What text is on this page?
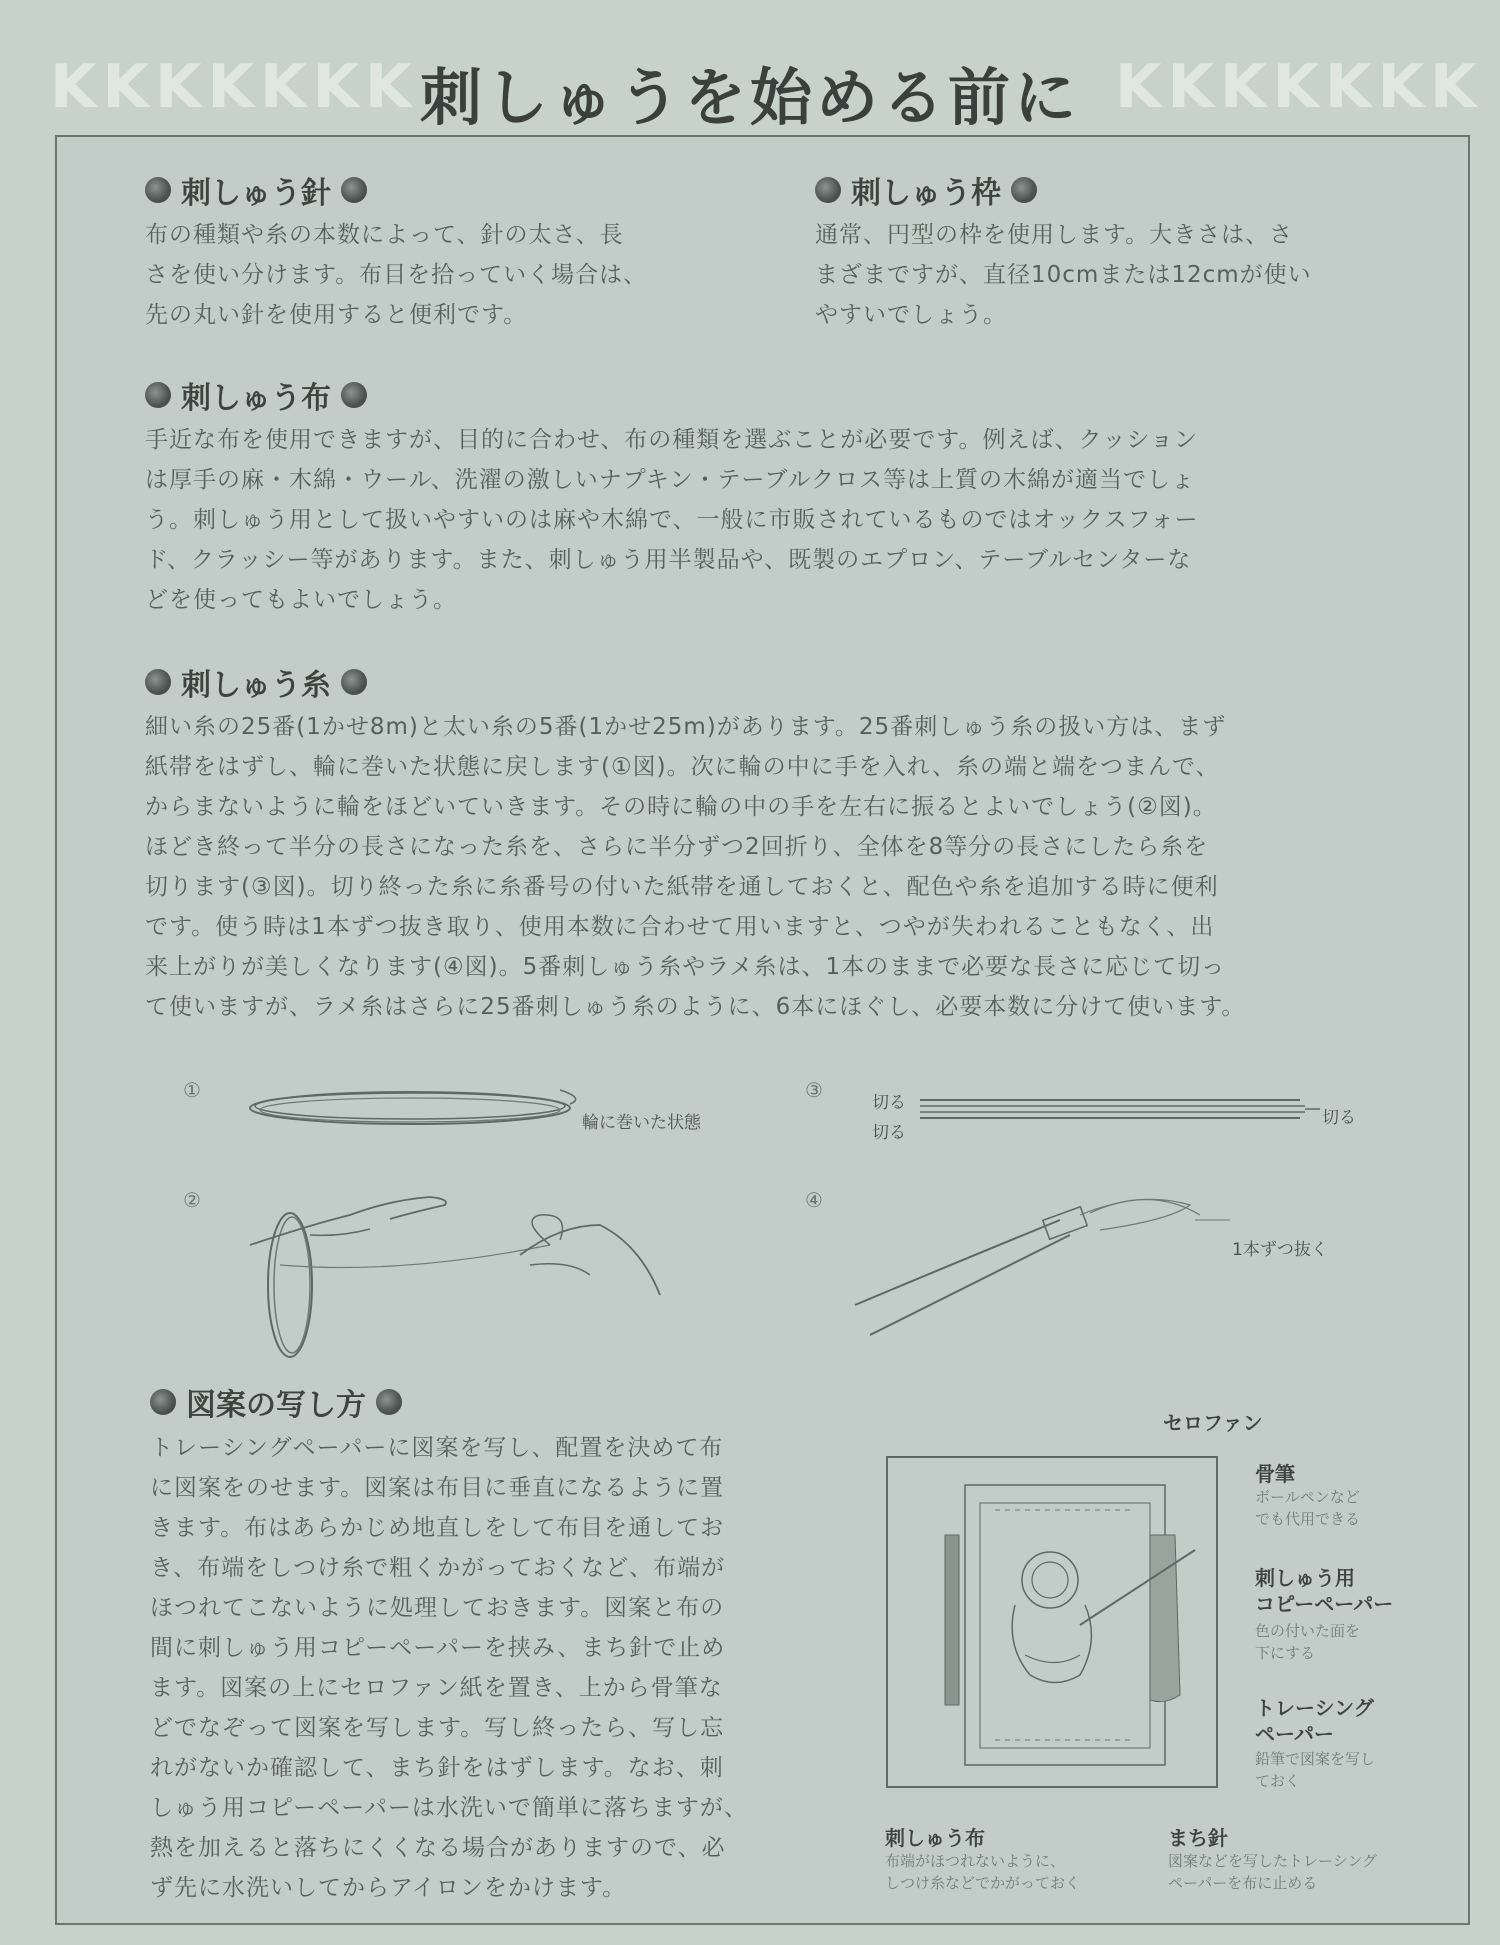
KKKKKKK	KKKKKKK
刺しゅうを始める前に
刺しゅう針
布の種類や糸の本数によって、針の太さ、長
さを使い分けます。布目を拾っていく場合は、
先の丸い針を使用すると便利です。
刺しゅう枠
通常、円型の枠を使用します。大きさは、さ
まざまですが、直径10cmまたは12cmが使い
やすいでしょう。
刺しゅう布
手近な布を使用できますが、目的に合わせ、布の種類を選ぶことが必要です。例えば、クッション
は厚手の麻・木綿・ウール、洗濯の激しいナプキン・テーブルクロス等は上質の木綿が適当でしょ
う。刺しゅう用として扱いやすいのは麻や木綿で、一般に市販されているものではオックスフォー
ド、クラッシー等があります。また、刺しゅう用半製品や、既製のエプロン、テーブルセンターな
どを使ってもよいでしょう。
刺しゅう糸
細い糸の25番(1かせ8m)と太い糸の5番(1かせ25m)があります。25番刺しゅう糸の扱い方は、まず
紙帯をはずし、輪に巻いた状態に戻します(①図)。次に輪の中に手を入れ、糸の端と端をつまんで、
からまないように輪をほどいていきます。その時に輪の中の手を左右に振るとよいでしょう(②図)。
ほどき終って半分の長さになった糸を、さらに半分ずつ2回折り、全体を8等分の長さにしたら糸を
切ります(③図)。切り終った糸に糸番号の付いた紙帯を通しておくと、配色や糸を追加する時に便利
です。使う時は1本ずつ抜き取り、使用本数に合わせて用いますと、つやが失われることもなく、出
来上がりが美しくなります(④図)。5番刺しゅう糸やラメ糸は、1本のままで必要な長さに応じて切っ
て使いますが、ラメ糸はさらに25番刺しゅう糸のように、6本にほぐし、必要本数に分けて使います。
①
輪に巻いた状態
③
切る
切る
切る
②	④
1本ずつ抜く
図案の写し方
トレーシングペーパーに図案を写し、配置を決めて布
に図案をのせます。図案は布目に垂直になるように置
きます。布はあらかじめ地直しをして布目を通してお
き、布端をしつけ糸で粗くかがっておくなど、布端が
ほつれてこないように処理しておきます。図案と布の
間に刺しゅう用コピーペーパーを挟み、まち針で止め
ます。図案の上にセロファン紙を置き、上から骨筆な
どでなぞって図案を写します。写し終ったら、写し忘
れがないか確認して、まち針をはずします。なお、刺
しゅう用コピーペーパーは水洗いで簡単に落ちますが、
熱を加えると落ちにくくなる場合がありますので、必
ず先に水洗いしてからアイロンをかけます。
セロファン
骨筆
ボールペンなど
でも代用できる
刺しゅう用
コピーペーパー
色の付いた面を
下にする
トレーシング
ペーパー
鉛筆で図案を写し
ておく
刺しゅう布
布端がほつれないように、
しつけ糸などでかがっておく
まち針
図案などを写したトレーシング
ペーパーを布に止める
